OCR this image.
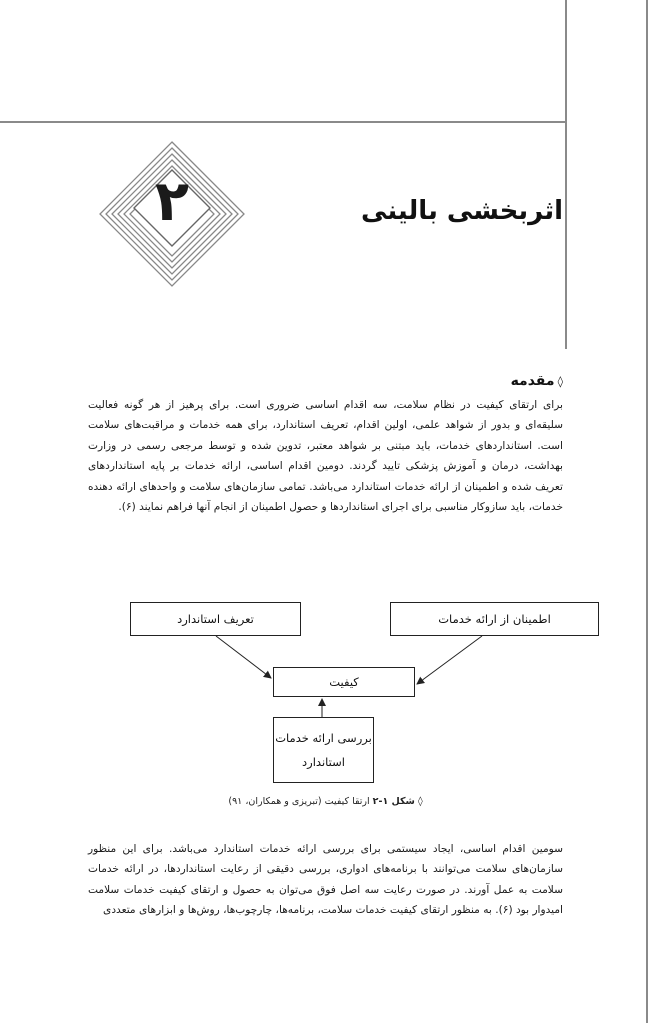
۲	اثربخشی بالینی
◊مقدمه

برای ارتقای کیفیت در نظام سلامت، سه اقدام اساسی ضروری است. برای پرهیز از هر گونه فعالیت سلیقه‌ای و بدور از شواهد علمی، اولین اقدام، تعریف استاندارد، برای همه خدمات و مراقبت‌های سلامت است. استانداردهای خدمات، باید مبتنی بر شواهد معتبر، تدوین شده و توسط مرجعی رسمی در وزارت بهداشت، درمان و آموزش پزشکی تایید گردند. دومین اقدام اساسی، ارائه خدمات بر پایه استانداردهای تعریف شده و اطمینان از ارائه خدمات استاندارد می‌باشد. تمامی سازمان‌های سلامت و واحدهای ارائه دهنده خدمات، باید سازوکار مناسبی برای اجرای استانداردها و حصول اطمینان از انجام آنها فراهم نمایند (۶).

تعریف استاندارد	اطمینان از ارائه خدمات
کیفیت
بررسی ارائه خدمات
استاندارد
◊ شکل ۱-۲ ارتقا کیفیت (تبریزی و همکاران، ۹۱)

سومین اقدام اساسی، ایجاد سیستمی برای بررسی ارائه خدمات استاندارد می‌باشد. برای این منظور سازمان‌های سلامت می‌توانند با برنامه‌های ادواری، بررسی دقیقی از رعایت استانداردها، در ارائه خدمات سلامت به عمل آورند. در صورت رعایت سه اصل فوق می‌توان به حصول و ارتقای کیفیت خدمات سلامت امیدوار بود (۶). به منظور ارتقای کیفیت خدمات سلامت، برنامه‌ها، چارچوب‌ها، روش‌ها و ابزارهای متعددی
